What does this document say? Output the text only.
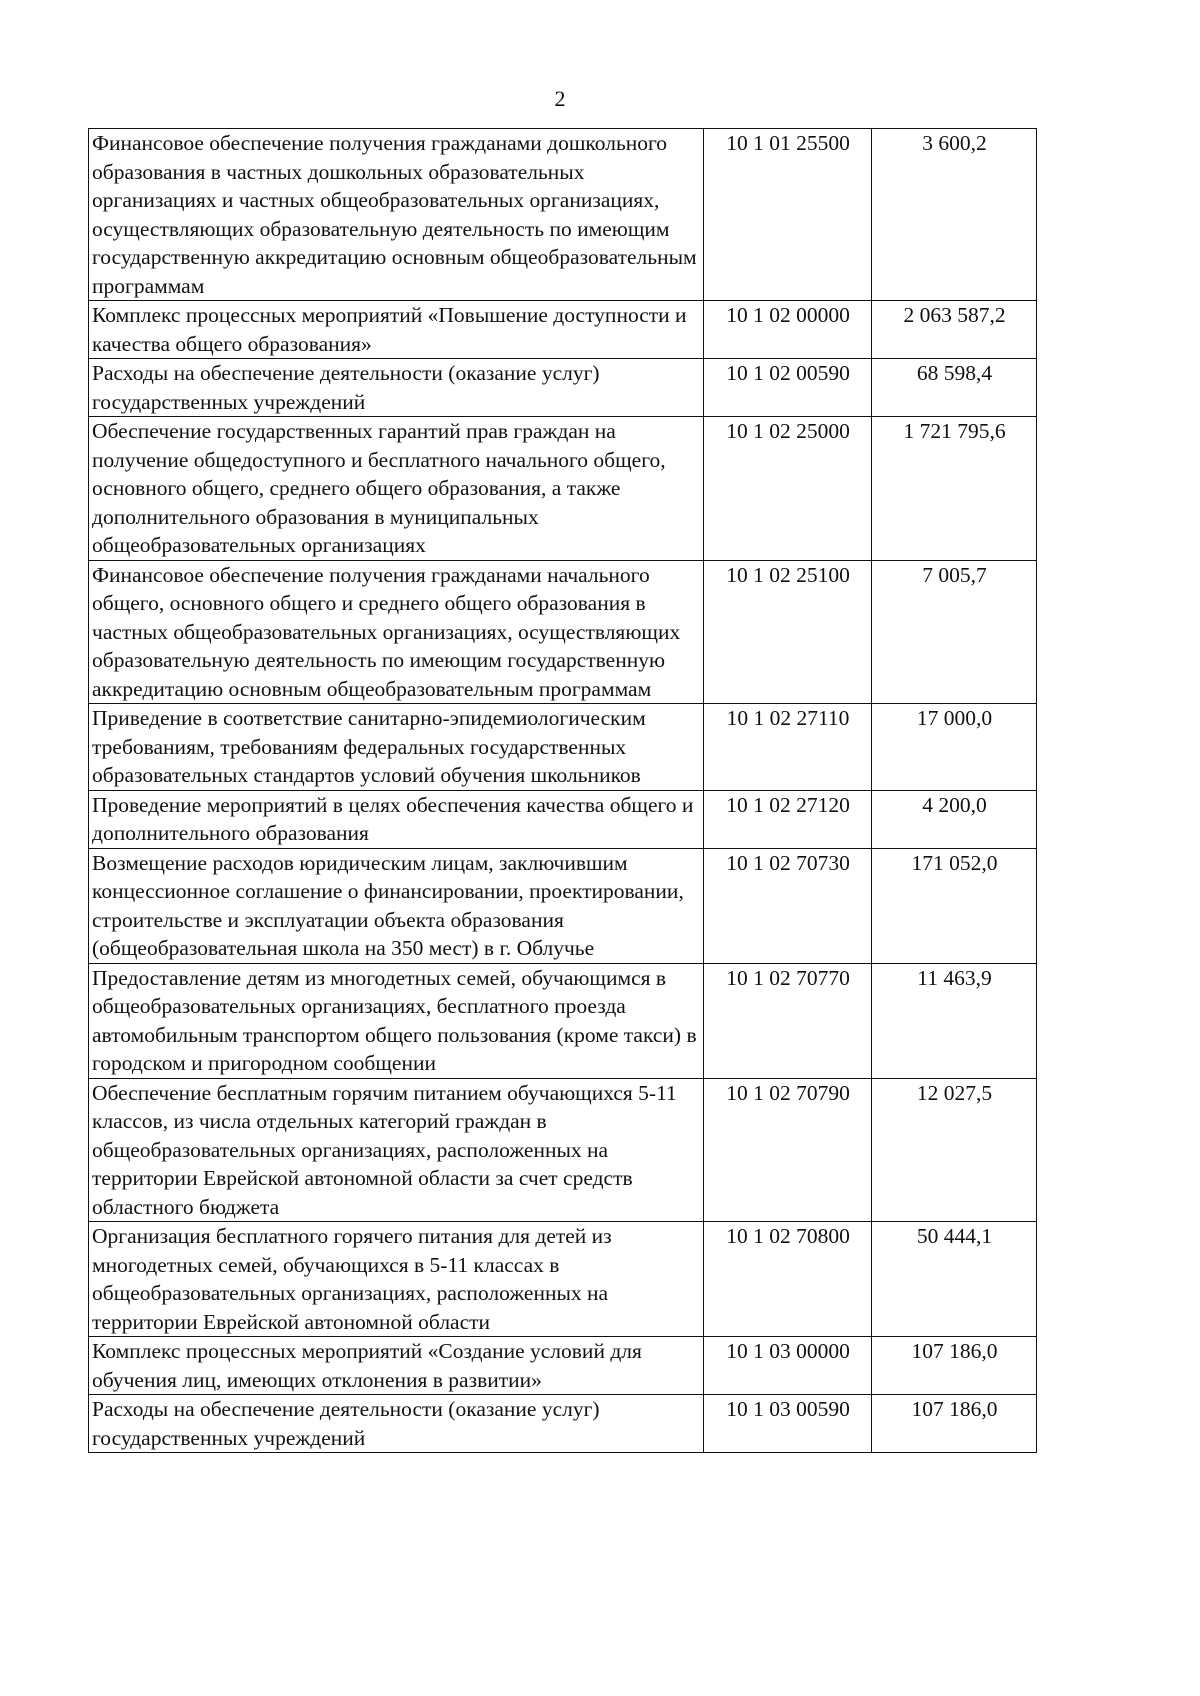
2
Финансовое обеспечение получения гражданами дошкольного образования в частных дошкольных образовательных организациях и частных общеобразовательных организациях, осуществляющих образовательную деятельность по имеющим государственную аккредитацию основным общеобразовательным программам	10 1 01 25500	3 600,2
Комплекс процессных мероприятий «Повышение доступности и качества общего образования»	10 1 02 00000	2 063 587,2
Расходы на обеспечение деятельности (оказание услуг) государственных учреждений	10 1 02 00590	68 598,4
Обеспечение государственных гарантий прав граждан на получение общедоступного и бесплатного начального общего, основного общего, среднего общего образования, а также дополнительного образования в муниципальных общеобразовательных организациях	10 1 02 25000	1 721 795,6
Финансовое обеспечение получения гражданами начального общего, основного общего и среднего общего образования в частных общеобразовательных организациях, осуществляющих образовательную деятельность по имеющим государственную аккредитацию основным общеобразовательным программам	10 1 02 25100	7 005,7
Приведение в соответствие санитарно-эпидемиологическим требованиям, требованиям федеральных государственных образовательных стандартов условий обучения школьников	10 1 02 27110	17 000,0
Проведение мероприятий в целях обеспечения качества общего и дополнительного образования	10 1 02 27120	4 200,0
Возмещение расходов юридическим лицам, заключившим концессионное соглашение о финансировании, проектировании, строительстве и эксплуатации объекта образования (общеобразовательная школа на 350 мест) в г. Облучье	10 1 02 70730	171 052,0
Предоставление детям из многодетных семей, обучающимся в общеобразовательных организациях, бесплатного проезда автомобильным транспортом общего пользования (кроме такси) в городском и пригородном сообщении	10 1 02 70770	11 463,9
Обеспечение бесплатным горячим питанием обучающихся 5-11 классов, из числа отдельных категорий граждан в общеобразовательных организациях, расположенных на территории Еврейской автономной области за счет средств областного бюджета	10 1 02 70790	12 027,5
Организация бесплатного горячего питания для детей из многодетных семей, обучающихся в 5-11 классах в общеобразовательных организациях, расположенных на территории Еврейской автономной области	10 1 02 70800	50 444,1
Комплекс процессных мероприятий «Создание условий для обучения лиц, имеющих отклонения в развитии»	10 1 03 00000	107 186,0
Расходы на обеспечение деятельности (оказание услуг) государственных учреждений	10 1 03 00590	107 186,0
